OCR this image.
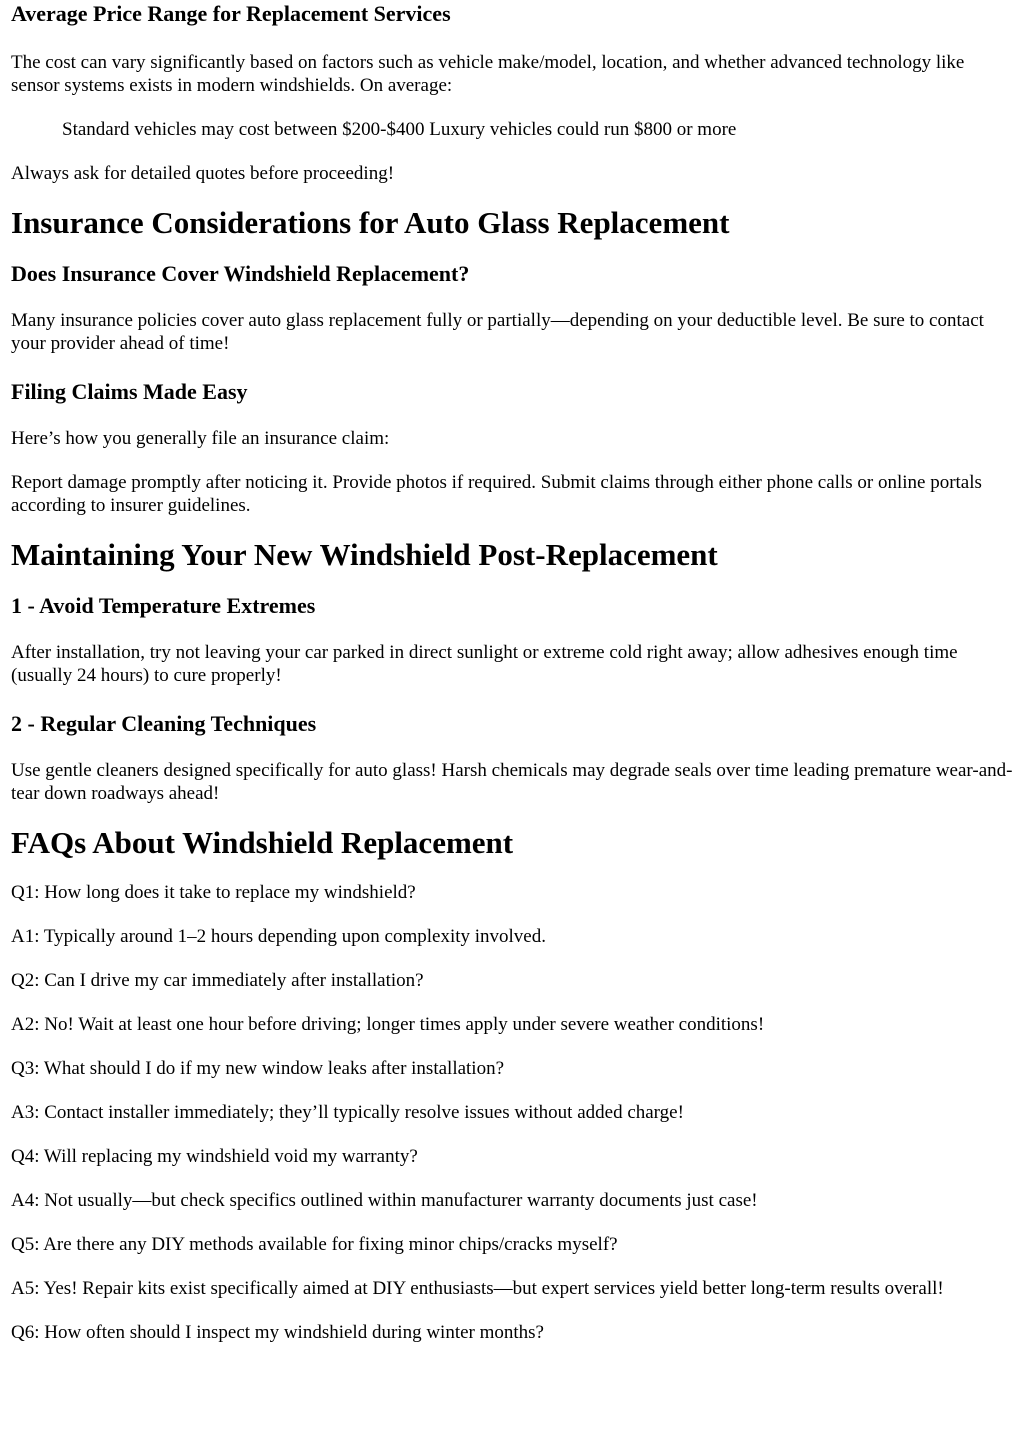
Average Price Range for Replacement Services

The cost can vary significantly based on factors such as vehicle make/model, location, and whether advanced technology like sensor systems exists in modern windshields. On average:

Standard vehicles may cost between $200-$400 Luxury vehicles could run $800 or more

Always ask for detailed quotes before proceeding!

Insurance Considerations for Auto Glass Replacement
Does Insurance Cover Windshield Replacement?

Many insurance policies cover auto glass replacement fully or partially—depending on your deductible level. Be sure to contact your provider ahead of time!

Filing Claims Made Easy

Here’s how you generally file an insurance claim:

Report damage promptly after noticing it. Provide photos if required. Submit claims through either phone calls or online portals according to insurer guidelines.

Maintaining Your New Windshield Post-Replacement
1 - Avoid Temperature Extremes

After installation, try not leaving your car parked in direct sunlight or extreme cold right away; allow adhesives enough time (usually 24 hours) to cure properly!

2 - Regular Cleaning Techniques

Use gentle cleaners designed specifically for auto glass! Harsh chemicals may degrade seals over time leading premature wear-and-tear down roadways ahead!

FAQs About Windshield Replacement

Q1: How long does it take to replace my windshield?

A1: Typically around 1–2 hours depending upon complexity involved.

Q2: Can I drive my car immediately after installation?

A2: No! Wait at least one hour before driving; longer times apply under severe weather conditions!

Q3: What should I do if my new window leaks after installation?

A3: Contact installer immediately; they’ll typically resolve issues without added charge!

Q4: Will replacing my windshield void my warranty?

A4: Not usually—but check specifics outlined within manufacturer warranty documents just case!

Q5: Are there any DIY methods available for fixing minor chips/cracks myself?

A5: Yes! Repair kits exist specifically aimed at DIY enthusiasts—but expert services yield better long-term results overall!

Q6: How often should I inspect my windshield during winter months?
